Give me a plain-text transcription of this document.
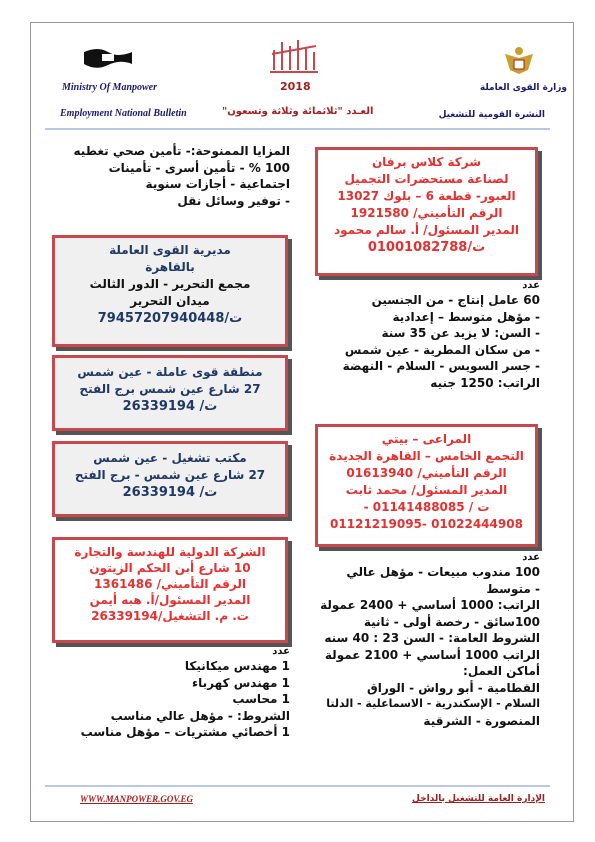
Ministry Of Manpower	2018	وزارة القوى العاملة
Employment National Bulletin	العـدد "ثلاثمائة وثلاثة وتسعون"	النشرة القومية للتشغيل
شركة كلاس برفان
لصناعة مستحضرات التجميل
العبور- قطعة 6 – بلوك 13027
الرقم التأميني/ 1921580
المدير المسئول/ أ. سالم محمود
ت/01001082788

عدد

60 عامل إنتاج - من الجنسين

- مؤهل متوسط – إعدادية

- السن: لا يزيد عن 35 سنة

- من سكان المطرية - عين شمس

- جسر السويس - السلام - النهضة

الراتب: 1250 جنيه

المراعى – بيتي
التجمع الخامس – القاهرة الجديدة
الرقم التأميني/ 01613940
المدير المسئول/ محمد ثابت
ت / 01141488085 -
01022444908 -01121219095

عدد

100 مندوب مبيعات - مؤهل عالي

- متوسط

الراتب: 1000 أساسي + 2400 عمولة

100سائق - رخصة أولى - ثانية

الشروط العامة: - السن 23 : 40 سنه

الراتب 1000 أساسي + 2100 عمولة

أماكن العمل:

القطامية - أبو رواش - الوراق

السلام - الإسكندرية - الاسماعلية - الدلتا

المنصورة - الشرقية

المزايا الممنوحة:- تأمين صحي تغطيه

100 % - تأمين أسرى - تأمينات

اجتماعية - أجازات سنوية

- توفير وسائل نقل

مديرية القوى العاملة
بالقاهرة
مجمع التحرير - الدور الثالث
ميدان التحرير
ت/79457207940448
منطقة قوى عاملة - عين شمس
27 شارع عين شمس برج الفتح
ت/ 26339194
مكتب تشغيل - عين شمس
27 شارع عين شمس - برج الفتح
ت/ 26339194
الشركة الدولية للهندسة والتجارة
10 شارع أبن الحكم الزيتون
الرقم التأميني/ 1361486
المدير المسئول/أ. هبه أيمن
ت. م. التشغيل/26339194

عدد

1 مهندس ميكانيكا

1 مهندس كهرباء

1 محاسب

الشروط: - مؤهل عالي مناسب

1 أخصائي مشتريات – مؤهل مناسب

WWW.MANPOWER.GOV.EG	الإدارة العامة للتشغيل بالداخل
